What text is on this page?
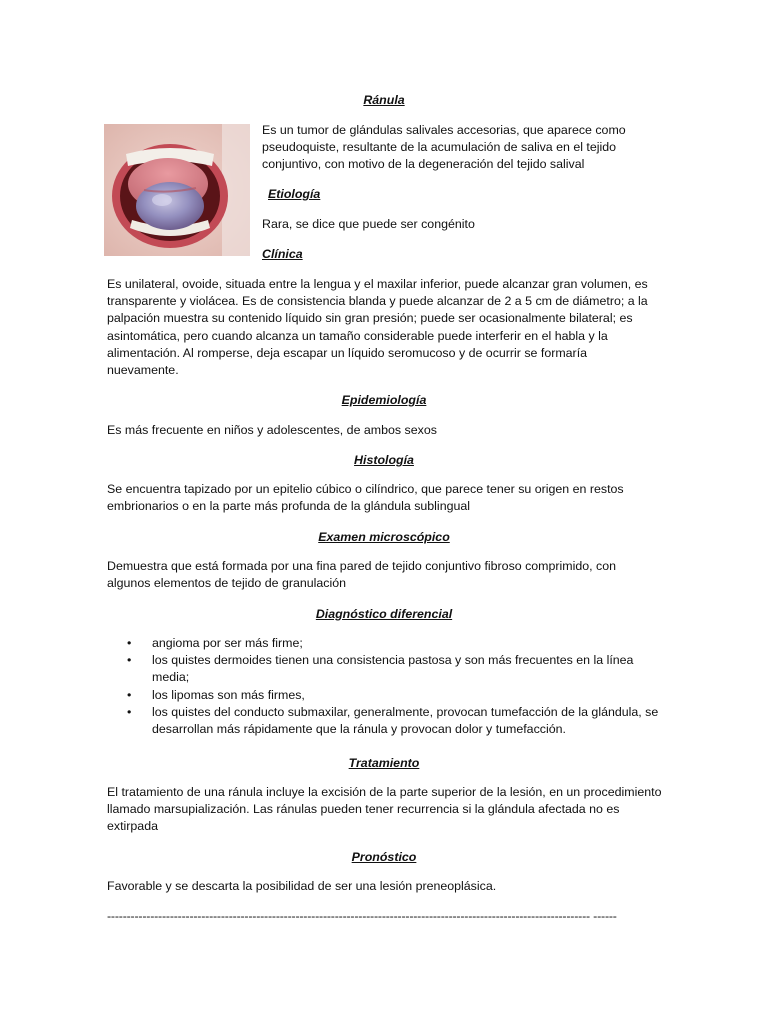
Ránula

Es un tumor de glándulas salivales accesorias, que aparece como pseudoquiste, resultante de la acumulación de saliva en el tejido conjuntivo, con motivo de la degeneración del tejido salival

Etiología

Rara, se dice que puede ser congénito

Clínica

Es unilateral, ovoide, situada entre la lengua y el maxilar inferior, puede alcanzar gran volumen, es transparente y violácea. Es de consistencia blanda y puede alcanzar de 2 a 5 cm de diámetro; a la palpación muestra su contenido líquido sin gran presión; puede ser ocasionalmente bilateral; es asintomática, pero cuando alcanza un tamaño considerable puede interferir en el habla y la alimentación. Al romperse, deja escapar un líquido seromucoso y de ocurrir se formaría nuevamente.

Epidemiología

Es más frecuente en niños y adolescentes, de ambos sexos

Histología

Se encuentra tapizado por un epitelio cúbico o cilíndrico, que parece tener su origen en restos embrionarios o en la parte más profunda de la glándula sublingual

Examen microscópico

Demuestra que está formada por una fina pared de tejido conjuntivo fibroso comprimido, con algunos elementos de tejido de granulación

Diagnóstico diferencial
• angioma por ser más firme;
• los quistes dermoides tienen una consistencia pastosa y son más frecuentes en la línea media;
• los lipomas son más firmes,
• los quistes del conducto submaxilar, generalmente, provocan tumefacción de la glándula, se desarrollan más rápidamente que la ránula y provocan dolor y tumefacción.
Tratamiento

El tratamiento de una ránula incluye la excisión de la parte superior de la lesión, en un procedimiento llamado marsupialización. Las ránulas pueden tener recurrencia si la glándula afectada no es extirpada

Pronóstico

Favorable y se descarta la posibilidad de ser una lesión preneoplásica.

--------------------------------------------------------------------------------------------------------------------------- ------
